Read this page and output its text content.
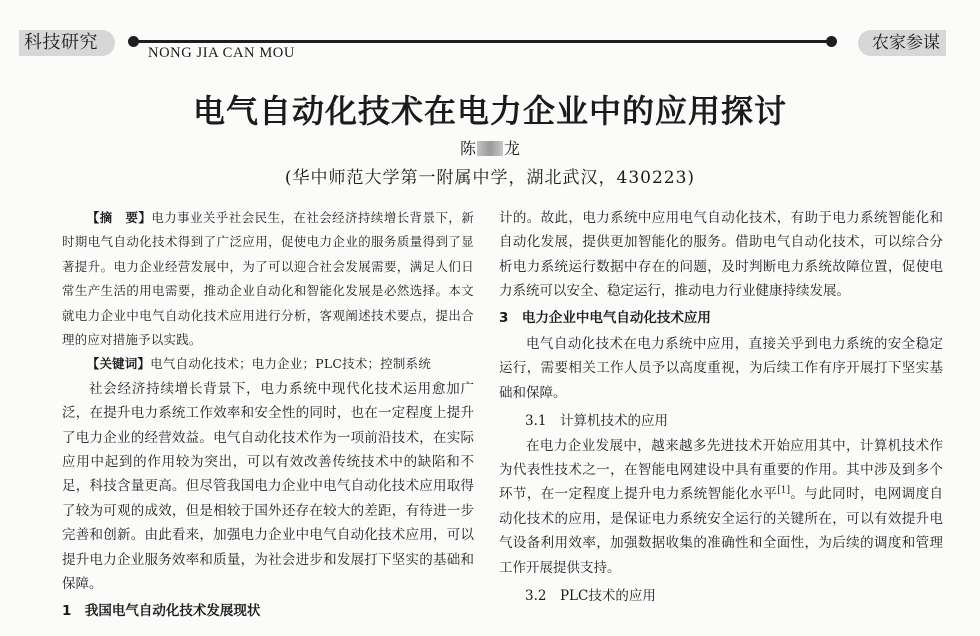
科技研究	NONG JIA CAN MOU	农家参谋
电气自动化技术在电力企业中的应用探讨
陈 龙
(华中师范大学第一附属中学，湖北武汉，430223)

【摘　要】电力事业关乎社会民生，在社会经济持续增长背景下，新时期电气自动化技术得到了广泛应用，促使电力企业的服务质量得到了显著提升。电力企业经营发展中，为了可以迎合社会发展需要，满足人们日常生产生活的用电需要，推动企业自动化和智能化发展是必然选择。本文就电力企业中电气自动化技术应用进行分析，客观阐述技术要点，提出合理的应对措施予以实践。

【关键词】电气自动化技术；电力企业；PLC技术；控制系统

社会经济持续增长背景下，电力系统中现代化技术运用愈加广泛，在提升电力系统工作效率和安全性的同时，也在一定程度上提升了电力企业的经营效益。电气自动化技术作为一项前沿技术，在实际应用中起到的作用较为突出，可以有效改善传统技术中的缺陷和不足，科技含量更高。但尽管我国电力企业中电气自动化技术应用取得了较为可观的成效，但是相较于国外还存在较大的差距，有待进一步完善和创新。由此看来，加强电力企业中电气自动化技术应用，可以提升电力企业服务效率和质量，为社会进步和发展打下坚实的基础和保障。

1　我国电气自动化技术发展现状

计的。故此，电力系统中应用电气自动化技术，有助于电力系统智能化和自动化发展，提供更加智能化的服务。借助电气自动化技术，可以综合分析电力系统运行数据中存在的问题，及时判断电力系统故障位置，促使电力系统可以安全、稳定运行，推动电力行业健康持续发展。

3　电力企业中电气自动化技术应用

电气自动化技术在电力系统中应用，直接关乎到电力系统的安全稳定运行，需要相关工作人员予以高度重视，为后续工作有序开展打下坚实基础和保障。

3.1　计算机技术的应用

在电力企业发展中，越来越多先进技术开始应用其中，计算机技术作为代表性技术之一，在智能电网建设中具有重要的作用。其中涉及到多个环节，在一定程度上提升电力系统智能化水平[1]。与此同时，电网调度自动化技术的应用，是保证电力系统安全运行的关键所在，可以有效提升电气设备利用效率，加强数据收集的准确性和全面性，为后续的调度和管理工作开展提供支持。

3.2　PLC技术的应用
